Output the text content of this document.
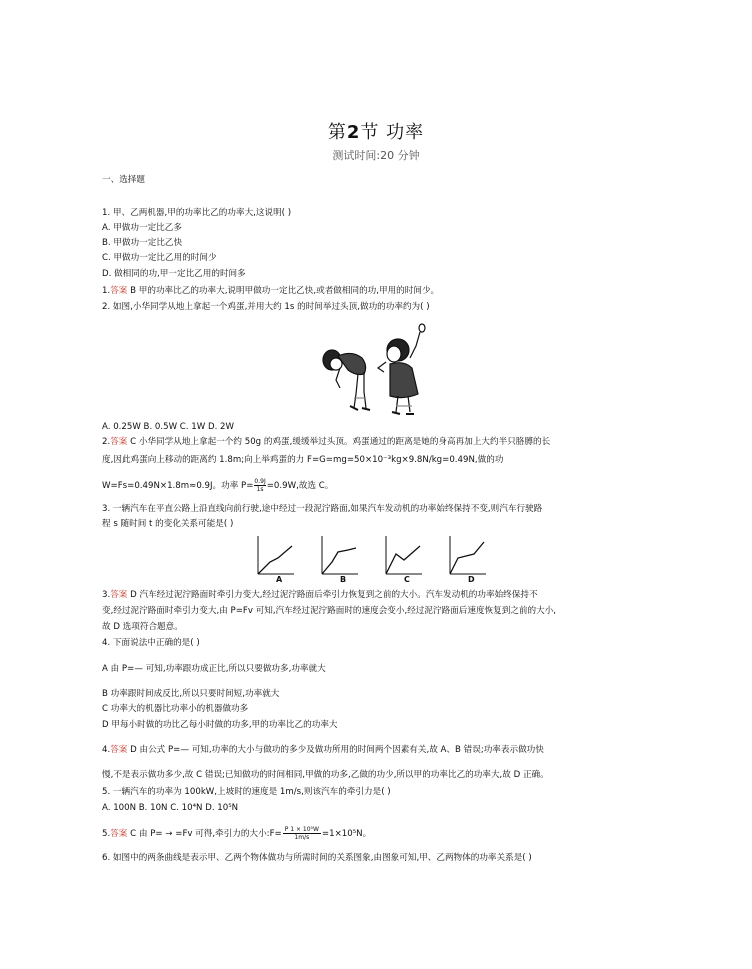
第2节 功率
测试时间:20 分钟
一、选择题
1. 甲、乙两机器,甲的功率比乙的功率大,这说明( )
A. 甲做功一定比乙多
B. 甲做功一定比乙快
C. 甲做功一定比乙用的时间少
D. 做相同的功,甲一定比乙用的时间多
1.答案 B 甲的功率比乙的功率大,说明甲做功一定比乙快,或者做相同的功,甲用的时间少。
2. 如图,小华同学从地上拿起一个鸡蛋,并用大约 1s 的时间举过头顶,做功的功率约为( )
A. 0.25W B. 0.5W C. 1W D. 2W
2.答案 C 小华同学从地上拿起一个约 50g 的鸡蛋,缓缓举过头顶。鸡蛋通过的距离是她的身高再加上大约半只胳膊的长
度,因此鸡蛋向上移动的距离约 1.8m;向上举鸡蛋的力 F=G=mg=50×10⁻³kg×9.8N/kg=0.49N,做的功
W=Fs=0.49N×1.8m≈0.9J。功率 $P= \frac{0.9J}{1s} =0.9W$,故选 C。
3. 一辆汽车在平直公路上沿直线向前行驶,途中经过一段泥泞路面,如果汽车发动机的功率始终保持不变,则汽车行驶路
程 s 随时间 t 的变化关系可能是( )
A	B	C	D
3.答案 D 汽车经过泥泞路面时牵引力变大,经过泥泞路面后牵引力恢复到之前的大小。汽车发动机的功率始终保持不
变,经过泥泞路面时牵引力变大,由 P=Fv 可知,汽车经过泥泞路面时的速度会变小,经过泥泞路面后速度恢复到之前的大小,
故 D 选项符合题意。
4. 下面说法中正确的是( )
A 由 P=— 可知,功率跟功成正比,所以只要做功多,功率就大
B 功率跟时间成反比,所以只要时间短,功率就大
C 功率大的机器比功率小的机器做功多
D 甲每小时做的功比乙每小时做的功多,甲的功率比乙的功率大
4.答案 D 由公式 P=— 可知,功率的大小与做功的多少及做功所用的时间两个因素有关,故 A、B 错误;功率表示做功快
慢,不是表示做功多少,故 C 错误;已知做功的时间相同,甲做的功多,乙做的功少,所以甲的功率比乙的功率大,故 D 正确。
5. 一辆汽车的功率为 100kW,上坡时的速度是 1m/s,则该汽车的牵引力是( )
A. 100N B. 10N C. 10⁴N D. 10⁵N
5.答案 C 由 P= → =Fv 可得,牵引力的大小:F= $\frac{\text{P 1 × 10⁵W}}{1m/s} =1\times 10^5N$。
6. 如图中的两条曲线是表示甲、乙两个物体做功与所需时间的关系图象,由图象可知,甲、乙两物体的功率关系是( )
